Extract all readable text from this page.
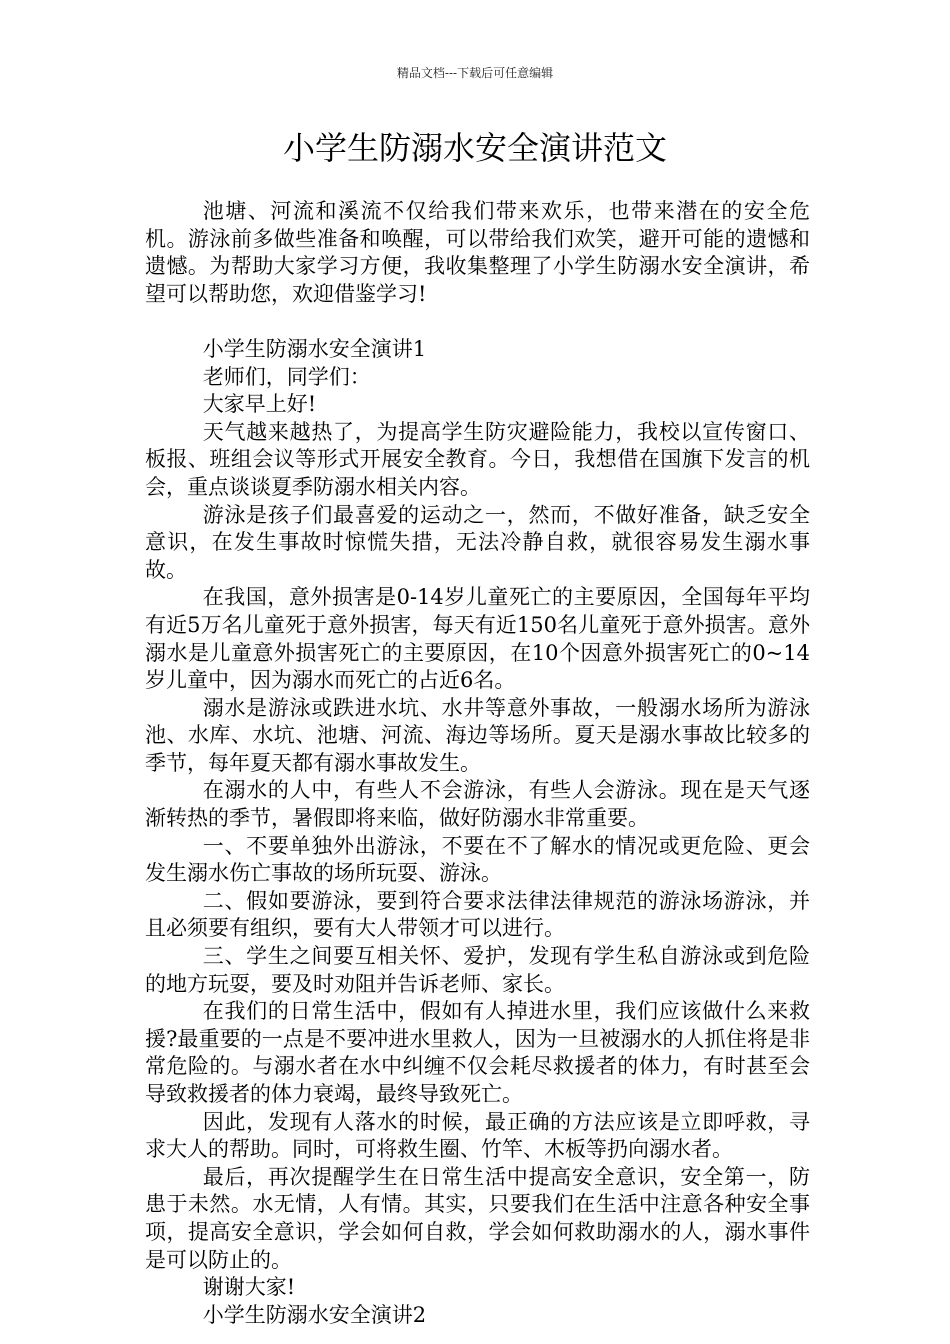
精品文档---下载后可任意编辑
小学生防溺水安全演讲范文

池塘、河流和溪流不仅给我们带来欢乐，也带来潜在的安全危机。游泳前多做些准备和唤醒，可以带给我们欢笑，避开可能的遗憾和遗憾。为帮助大家学习方便，我收集整理了小学生防溺水安全演讲，希望可以帮助您，欢迎借鉴学习!

小学生防溺水安全演讲1

老师们，同学们：

大家早上好!

天气越来越热了，为提高学生防灾避险能力，我校以宣传窗口、板报、班组会议等形式开展安全教育。今日，我想借在国旗下发言的机会，重点谈谈夏季防溺水相关内容。

游泳是孩子们最喜爱的运动之一，然而，不做好准备，缺乏安全意识，在发生事故时惊慌失措，无法冷静自救，就很容易发生溺水事故。

在我国，意外损害是0-14岁儿童死亡的主要原因，全国每年平均有近5万名儿童死于意外损害，每天有近150名儿童死于意外损害。意外溺水是儿童意外损害死亡的主要原因，在10个因意外损害死亡的0~14岁儿童中，因为溺水而死亡的占近6名。

溺水是游泳或跌进水坑、水井等意外事故，一般溺水场所为游泳池、水库、水坑、池塘、河流、海边等场所。夏天是溺水事故比较多的季节，每年夏天都有溺水事故发生。

在溺水的人中，有些人不会游泳，有些人会游泳。现在是天气逐渐转热的季节，暑假即将来临，做好防溺水非常重要。

一、不要单独外出游泳，不要在不了解水的情况或更危险、更会发生溺水伤亡事故的场所玩耍、游泳。

二、假如要游泳，要到符合要求法律法律规范的游泳场游泳，并且必须要有组织，要有大人带领才可以进行。

三、学生之间要互相关怀、爱护，发现有学生私自游泳或到危险的地方玩耍，要及时劝阻并告诉老师、家长。

在我们的日常生活中，假如有人掉进水里，我们应该做什么来救援?最重要的一点是不要冲进水里救人，因为一旦被溺水的人抓住将是非常危险的。与溺水者在水中纠缠不仅会耗尽救援者的体力，有时甚至会导致救援者的体力衰竭，最终导致死亡。

因此，发现有人落水的时候，最正确的方法应该是立即呼救，寻求大人的帮助。同时，可将救生圈、竹竿、木板等扔向溺水者。

最后，再次提醒学生在日常生活中提高安全意识，安全第一，防患于未然。水无情，人有情。其实，只要我们在生活中注意各种安全事项，提高安全意识，学会如何自救，学会如何救助溺水的人，溺水事件是可以防止的。

谢谢大家!

小学生防溺水安全演讲2
